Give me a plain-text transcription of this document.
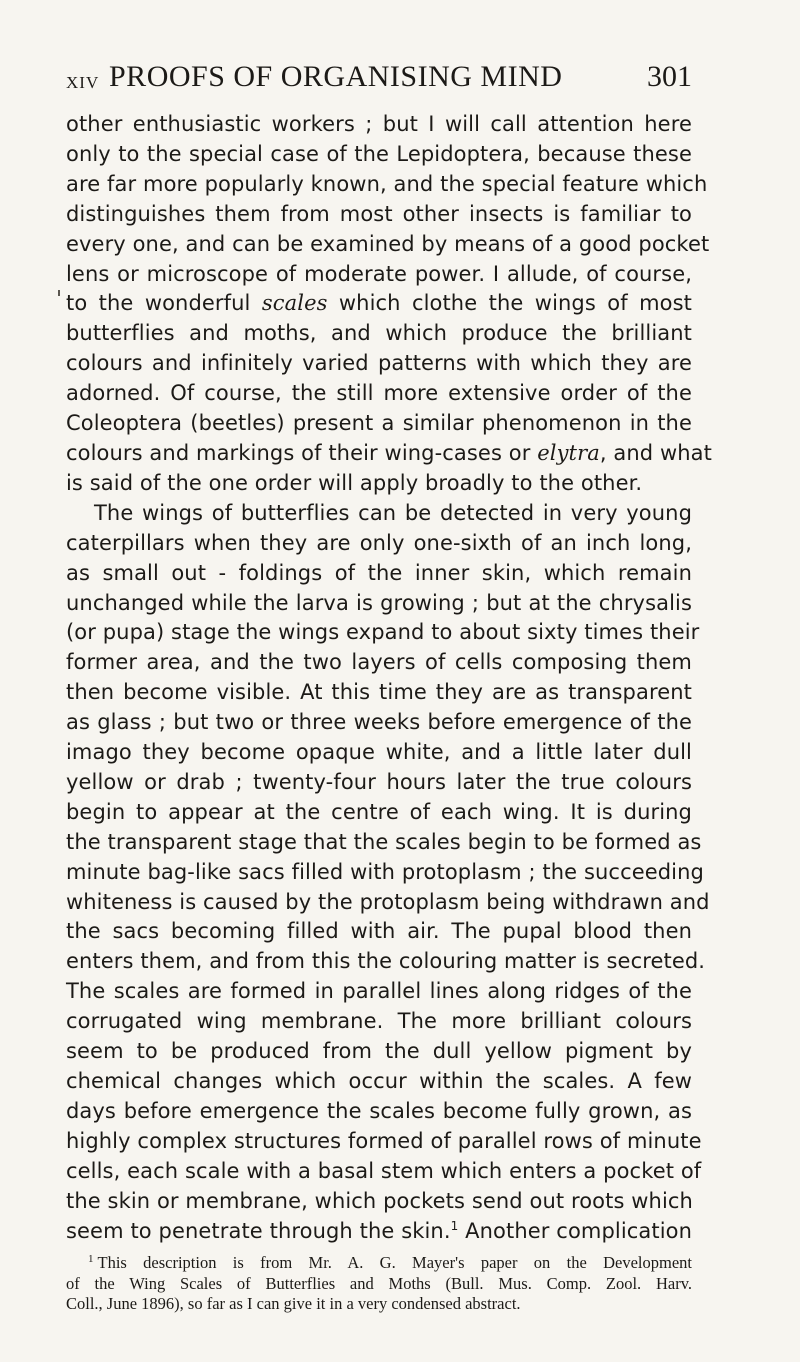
XIV PROOFS OF ORGANISING MIND	301
other enthusiastic workers ; but I will call attention here
only to the special case of the Lepidoptera, because these
are far more popularly known, and the special feature which
distinguishes them from most other insects is familiar to
every one, and can be examined by means of a good pocket
lens or microscope of moderate power. I allude, of course,
to the wonderful scales which clothe the wings of most
butterflies and moths, and which produce the brilliant
colours and infinitely varied patterns with which they are
adorned. Of course, the still more extensive order of the
Coleoptera (beetles) present a similar phenomenon in the
colours and markings of their wing-cases or elytra, and what
is said of the one order will apply broadly to the other.
The wings of butterflies can be detected in very young
caterpillars when they are only one-sixth of an inch long,
as small out - foldings of the inner skin, which remain
unchanged while the larva is growing ; but at the chrysalis
(or pupa) stage the wings expand to about sixty times their
former area, and the two layers of cells composing them
then become visible. At this time they are as transparent
as glass ; but two or three weeks before emergence of the
imago they become opaque white, and a little later dull
yellow or drab ; twenty-four hours later the true colours
begin to appear at the centre of each wing. It is during
the transparent stage that the scales begin to be formed as
minute bag-like sacs filled with protoplasm ; the succeeding
whiteness is caused by the protoplasm being withdrawn and
the sacs becoming filled with air. The pupal blood then
enters them, and from this the colouring matter is secreted.
The scales are formed in parallel lines along ridges of the
corrugated wing membrane. The more brilliant colours
seem to be produced from the dull yellow pigment by
chemical changes which occur within the scales. A few
days before emergence the scales become fully grown, as
highly complex structures formed of parallel rows of minute
cells, each scale with a basal stem which enters a pocket of
the skin or membrane, which pockets send out roots which
seem to penetrate through the skin.$^1$ Another complication
$^1$ This description is from Mr. A. G. Mayer's paper on the Development
of the Wing Scales of Butterflies and Moths (Bull. Mus. Comp. Zool. Harv.
Coll., June 1896), so far as I can give it in a very condensed abstract.
